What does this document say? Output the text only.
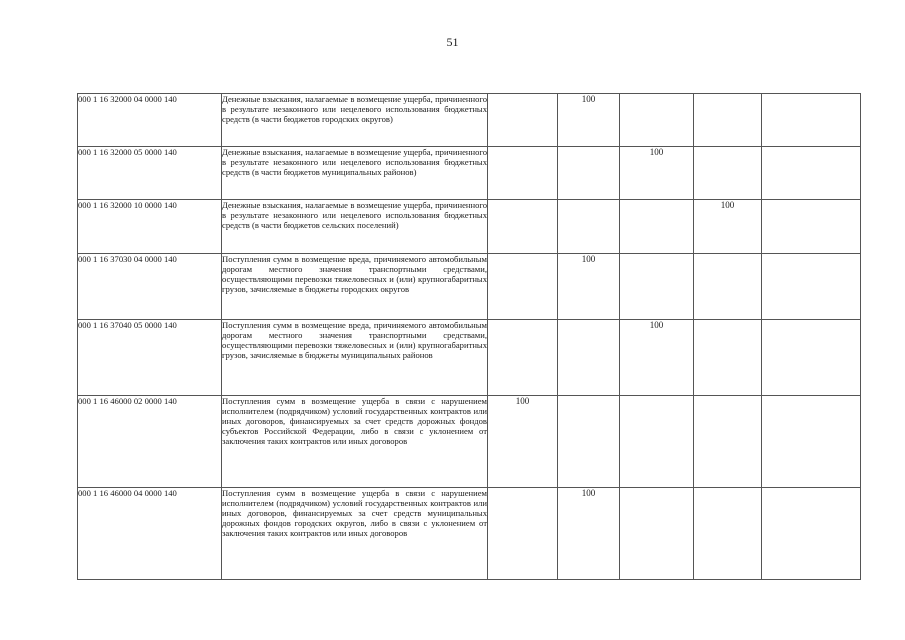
51
000 1 16 32000 04 0000 140	Денежные взыскания, налагаемые в возмещение ущерба, причиненного в результате незаконного или нецелевого использования бюджетных средств (в части бюджетов городских округов)		100			
000 1 16 32000 05 0000 140	Денежные взыскания, налагаемые в возмещение ущерба, причиненного в результате незаконного или нецелевого использования бюджетных средств (в части бюджетов муниципальных районов)			100		
000 1 16 32000 10 0000 140	Денежные взыскания, налагаемые в возмещение ущерба, причиненного в результате незаконного или нецелевого использования бюджетных средств (в части бюджетов сельских поселений)				100	
000 1 16 37030 04 0000 140	Поступления сумм в возмещение вреда, причиняемого автомобильным дорогам местного значения транспортными средствами, осуществляющими перевозки тяжеловесных и (или) крупногабаритных грузов, зачисляемые в бюджеты городских округов		100			
000 1 16 37040 05 0000 140	Поступления сумм в возмещение вреда, причиняемого автомобильным дорогам местного значения транспортными средствами, осуществляющими перевозки тяжеловесных и (или) крупногабаритных грузов, зачисляемые в бюджеты муниципальных районов			100		
000 1 16 46000 02 0000 140	Поступления сумм в возмещение ущерба в связи с нарушением исполнителем (подрядчиком) условий государственных контрактов или иных договоров, финансируемых за счет средств дорожных фондов субъектов Российской Федерации, либо в связи с уклонением от заключения таких контрактов или иных договоров	100				
000 1 16 46000 04 0000 140	Поступления сумм в возмещение ущерба в связи с нарушением исполнителем (подрядчиком) условий государственных контрактов или иных договоров, финансируемых за счет средств муниципальных дорожных фондов городских округов, либо в связи с уклонением от заключения таких контрактов или иных договоров		100			
